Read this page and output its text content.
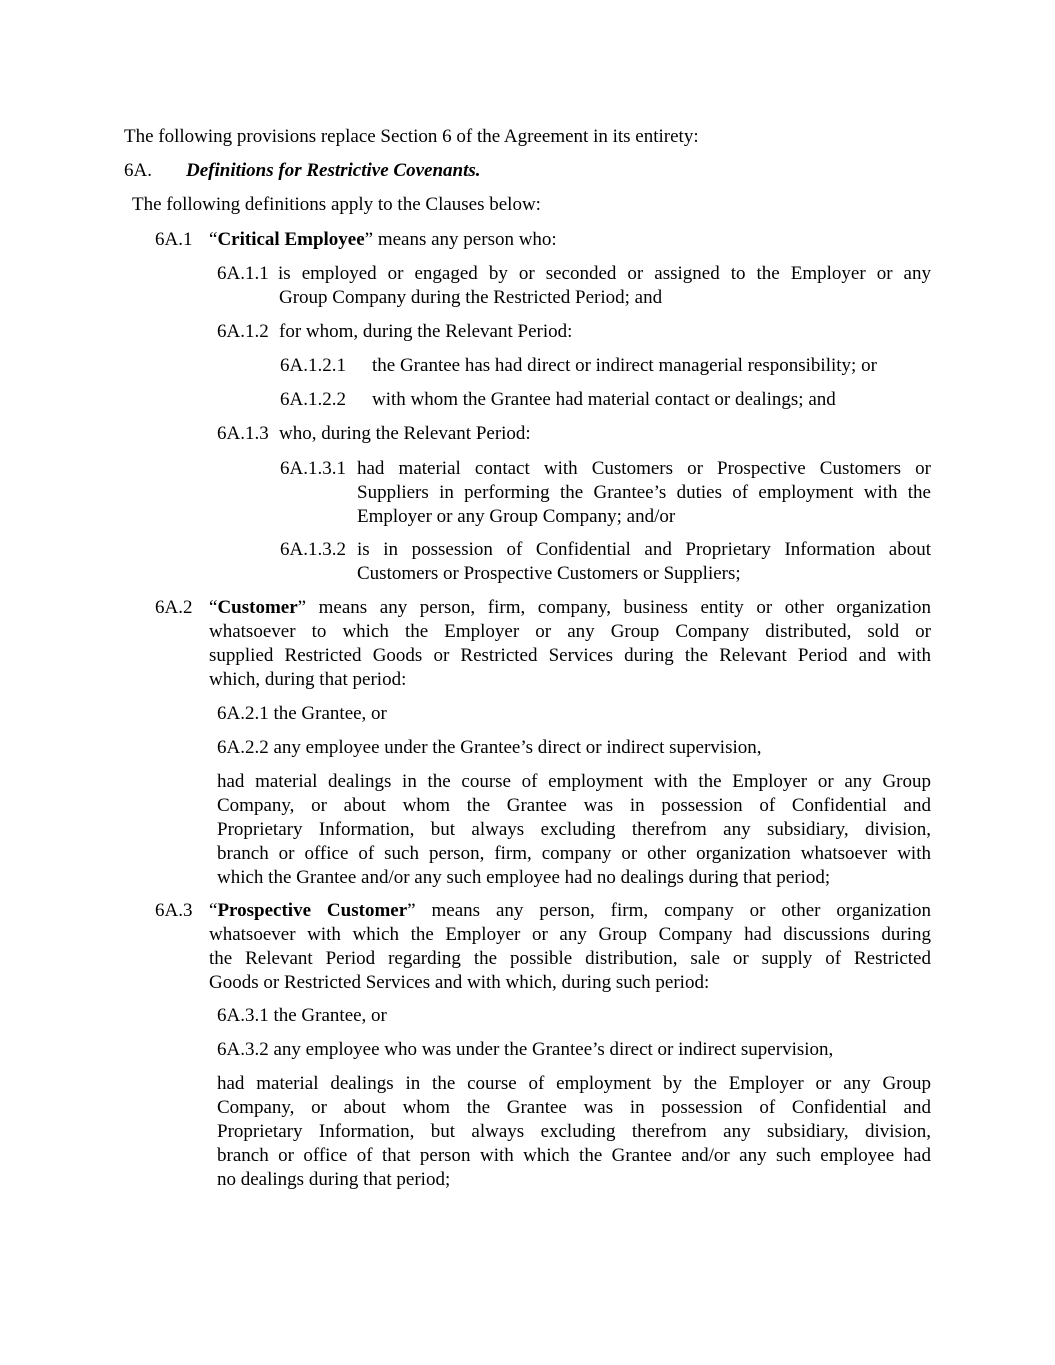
The following provisions replace Section 6 of the Agreement in its entirety:
6A. Definitions for Restrictive Covenants.
The following definitions apply to the Clauses below:
6A.1 “Critical Employee” means any person who:
6A.1.1 is employed or engaged by or seconded or assigned to the Employer or any
Group Company during the Restricted Period; and
6A.1.2 for whom, during the Relevant Period:
6A.1.2.1 the Grantee has had direct or indirect managerial responsibility; or
6A.1.2.2 with whom the Grantee had material contact or dealings; and
6A.1.3 who, during the Relevant Period:
6A.1.3.1 had material contact with Customers or Prospective Customers or
Suppliers in performing the Grantee’s duties of employment with the
Employer or any Group Company; and/or
6A.1.3.2 is in possession of Confidential and Proprietary Information about
Customers or Prospective Customers or Suppliers;
6A.2 “Customer” means any person, firm, company, business entity or other organization
whatsoever to which the Employer or any Group Company distributed, sold or
supplied Restricted Goods or Restricted Services during the Relevant Period and with
which, during that period:
6A.2.1 the Grantee, or
6A.2.2 any employee under the Grantee’s direct or indirect supervision,
had material dealings in the course of employment with the Employer or any Group
Company, or about whom the Grantee was in possession of Confidential and
Proprietary Information, but always excluding therefrom any subsidiary, division,
branch or office of such person, firm, company or other organization whatsoever with
which the Grantee and/or any such employee had no dealings during that period;
6A.3 “Prospective Customer” means any person, firm, company or other organization
whatsoever with which the Employer or any Group Company had discussions during
the Relevant Period regarding the possible distribution, sale or supply of Restricted
Goods or Restricted Services and with which, during such period:
6A.3.1 the Grantee, or
6A.3.2 any employee who was under the Grantee’s direct or indirect supervision,
had material dealings in the course of employment by the Employer or any Group
Company, or about whom the Grantee was in possession of Confidential and
Proprietary Information, but always excluding therefrom any subsidiary, division,
branch or office of that person with which the Grantee and/or any such employee had
no dealings during that period;
